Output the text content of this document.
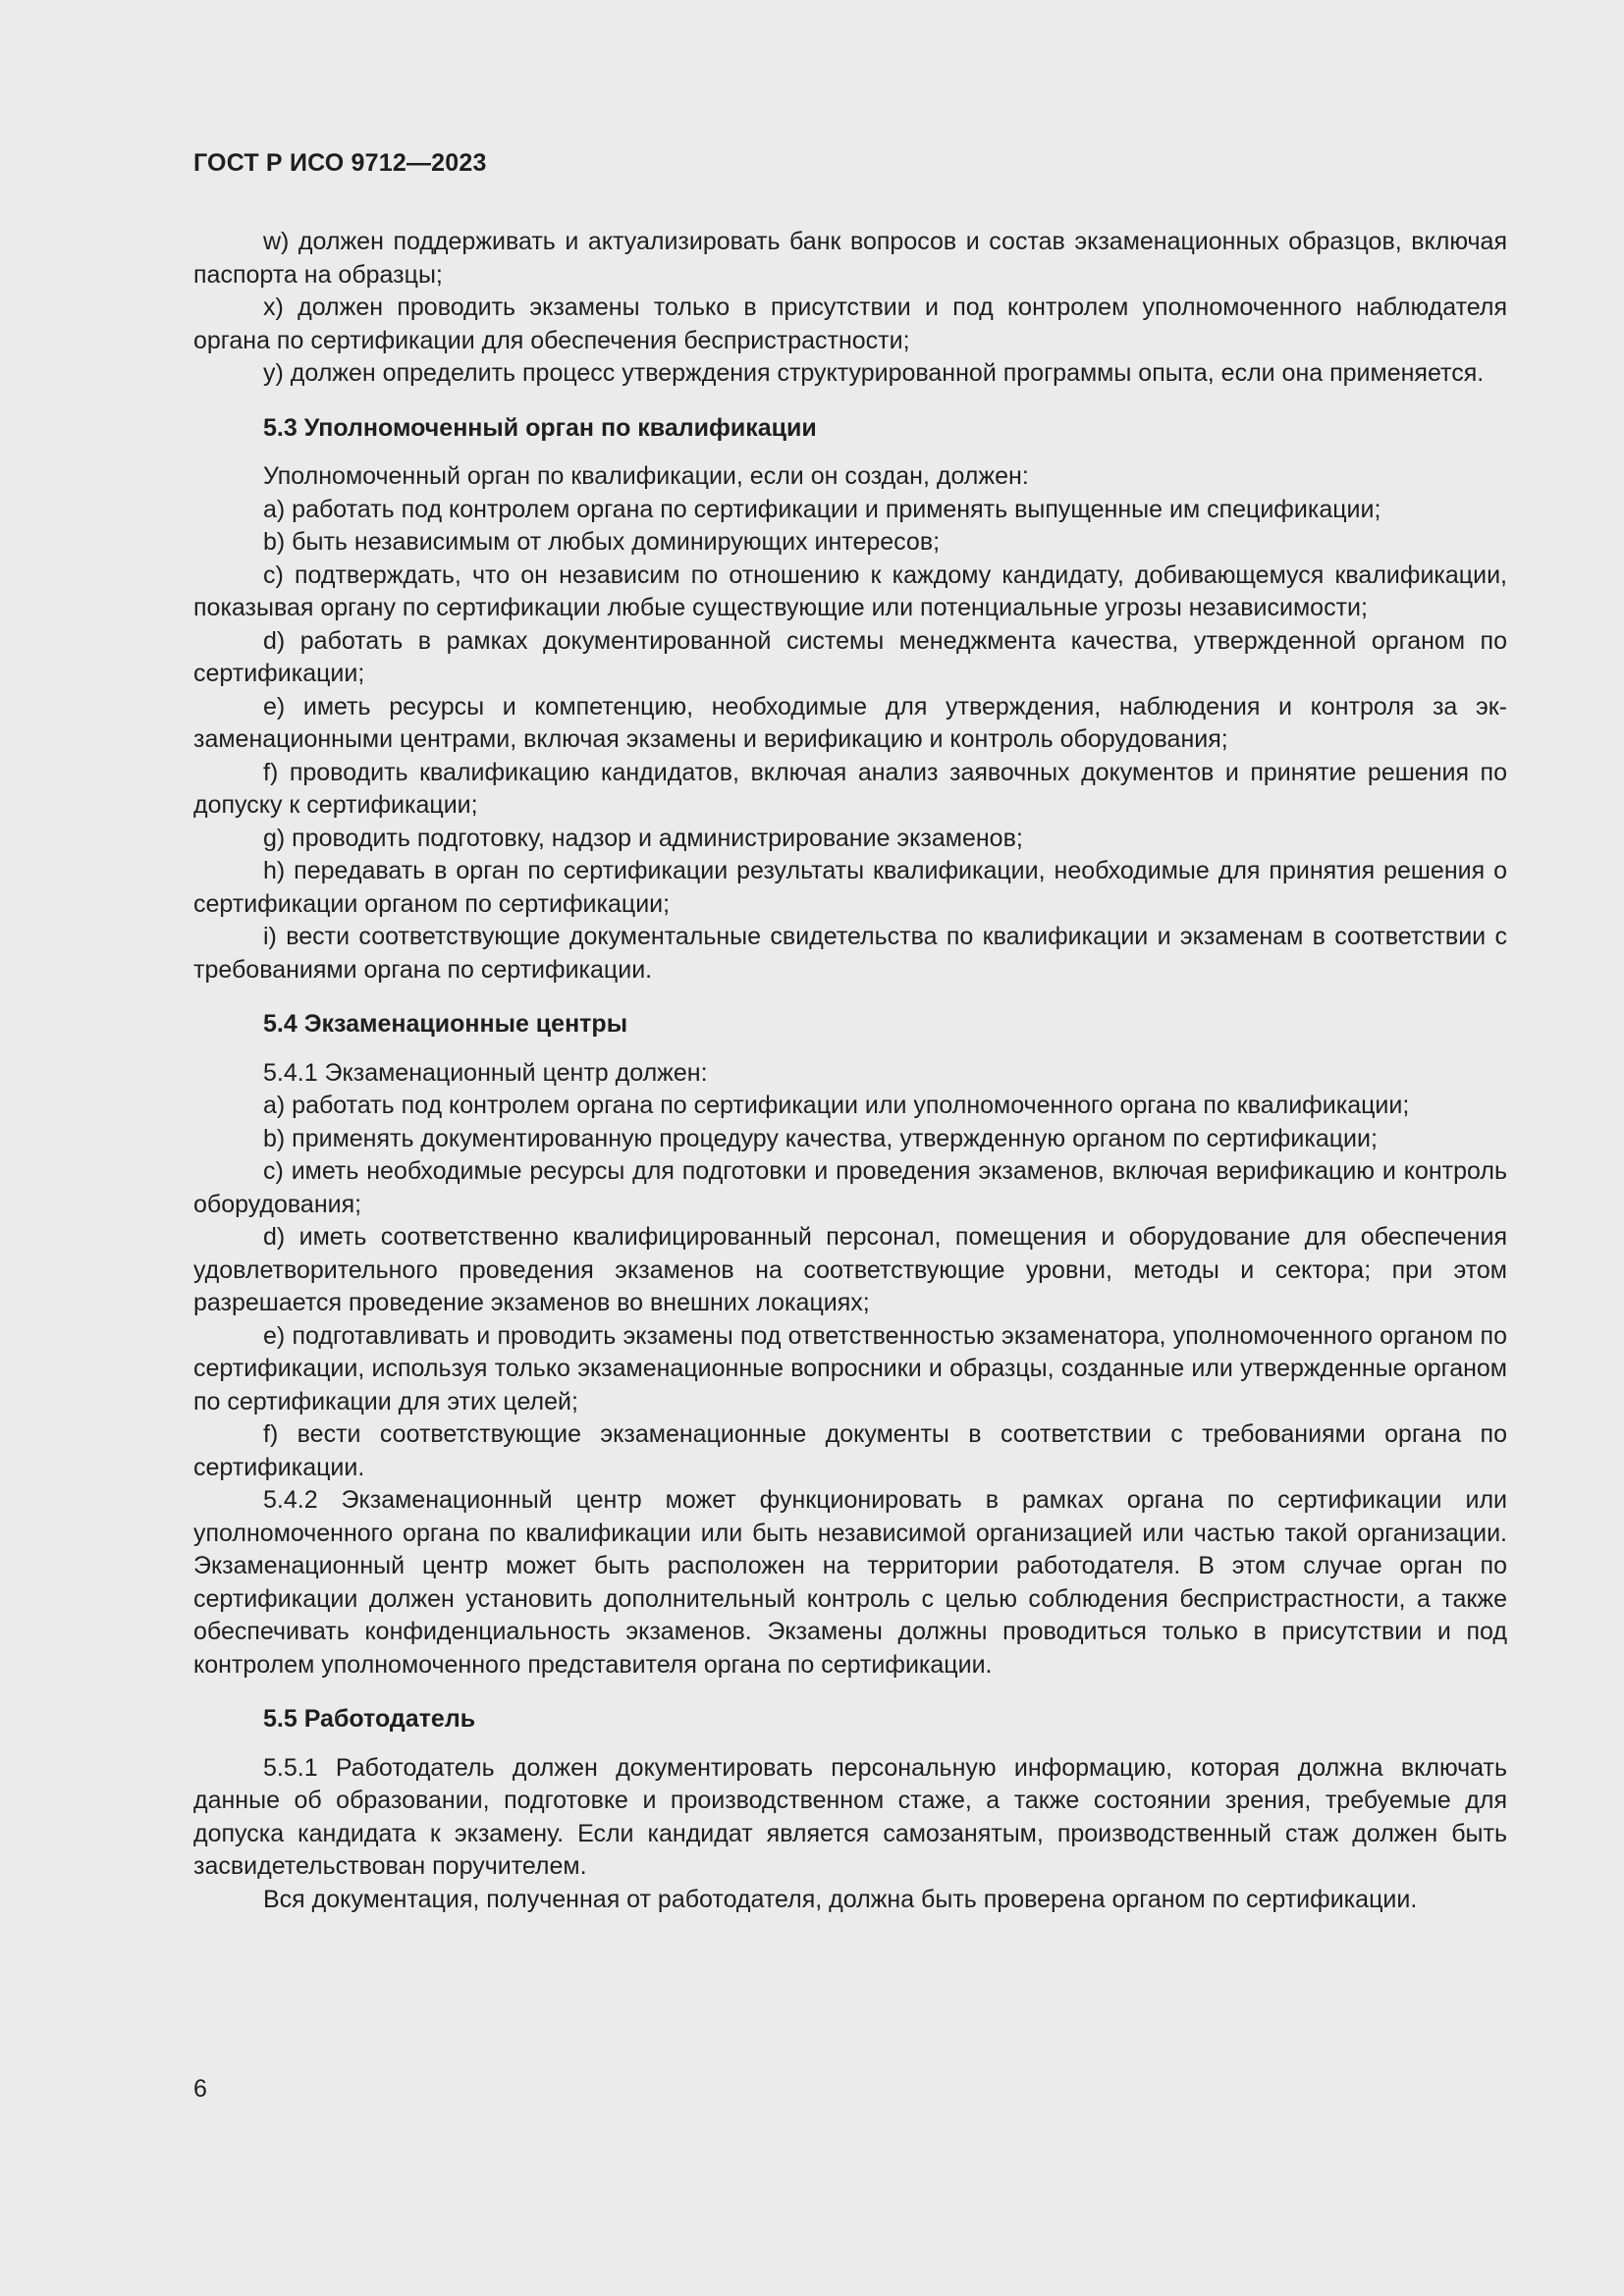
ГОСТ Р ИСО 9712—2023

w) должен поддерживать и актуализировать банк вопросов и состав экзаменационных образцов, включая паспорта на образцы;

x) должен проводить экзамены только в присутствии и под контролем уполномоченного наблюдателя органа по сертификации для обеспечения беспристрастности;

y) должен определить процесс утверждения структурированной программы опыта, если она применяется.

5.3 Уполномоченный орган по квалификации

Уполномоченный орган по квалификации, если он создан, должен:

a) работать под контролем органа по сертификации и применять выпущенные им спецификации;

b) быть независимым от любых доминирующих интересов;

c) подтверждать, что он независим по отношению к каждому кандидату, добивающемуся квалификации, показывая органу по сертификации любые существующие или потенциальные угрозы независимости;

d) работать в рамках документированной системы менеджмента качества, утвержденной органом по сертификации;

e) иметь ресурсы и компетенцию, необходимые для утверждения, наблюдения и контроля за экзаменационными центрами, включая экзамены и верификацию и контроль оборудования;

f) проводить квалификацию кандидатов, включая анализ заявочных документов и принятие решения по допуску к сертификации;

g) проводить подготовку, надзор и администрирование экзаменов;

h) передавать в орган по сертификации результаты квалификации, необходимые для принятия решения о сертификации органом по сертификации;

i) вести соответствующие документальные свидетельства по квалификации и экзаменам в соответствии с требованиями органа по сертификации.

5.4 Экзаменационные центры

5.4.1 Экзаменационный центр должен:

a) работать под контролем органа по сертификации или уполномоченного органа по квалификации;

b) применять документированную процедуру качества, утвержденную органом по сертификации;

c) иметь необходимые ресурсы для подготовки и проведения экзаменов, включая верификацию и контроль оборудования;

d) иметь соответственно квалифицированный персонал, помещения и оборудование для обеспечения удовлетворительного проведения экзаменов на соответствующие уровни, методы и сектора; при этом разрешается проведение экзаменов во внешних локациях;

e) подготавливать и проводить экзамены под ответственностью экзаменатора, уполномоченного органом по сертификации, используя только экзаменационные вопросники и образцы, созданные или утвержденные органом по сертификации для этих целей;

f) вести соответствующие экзаменационные документы в соответствии с требованиями органа по сертификации.

5.4.2 Экзаменационный центр может функционировать в рамках органа по сертификации или уполномоченного органа по квалификации или быть независимой организацией или частью такой организации. Экзаменационный центр может быть расположен на территории работодателя. В этом случае орган по сертификации должен установить дополнительный контроль с целью соблюдения беспристрастности, а также обеспечивать конфиденциальность экзаменов. Экзамены должны проводиться только в присутствии и под контролем уполномоченного представителя органа по сертификации.

5.5 Работодатель

5.5.1 Работодатель должен документировать персональную информацию, которая должна включать данные об образовании, подготовке и производственном стаже, а также состоянии зрения, требуемые для допуска кандидата к экзамену. Если кандидат является самозанятым, производственный стаж должен быть засвидетельствован поручителем.

Вся документация, полученная от работодателя, должна быть проверена органом по сертификации.

6
